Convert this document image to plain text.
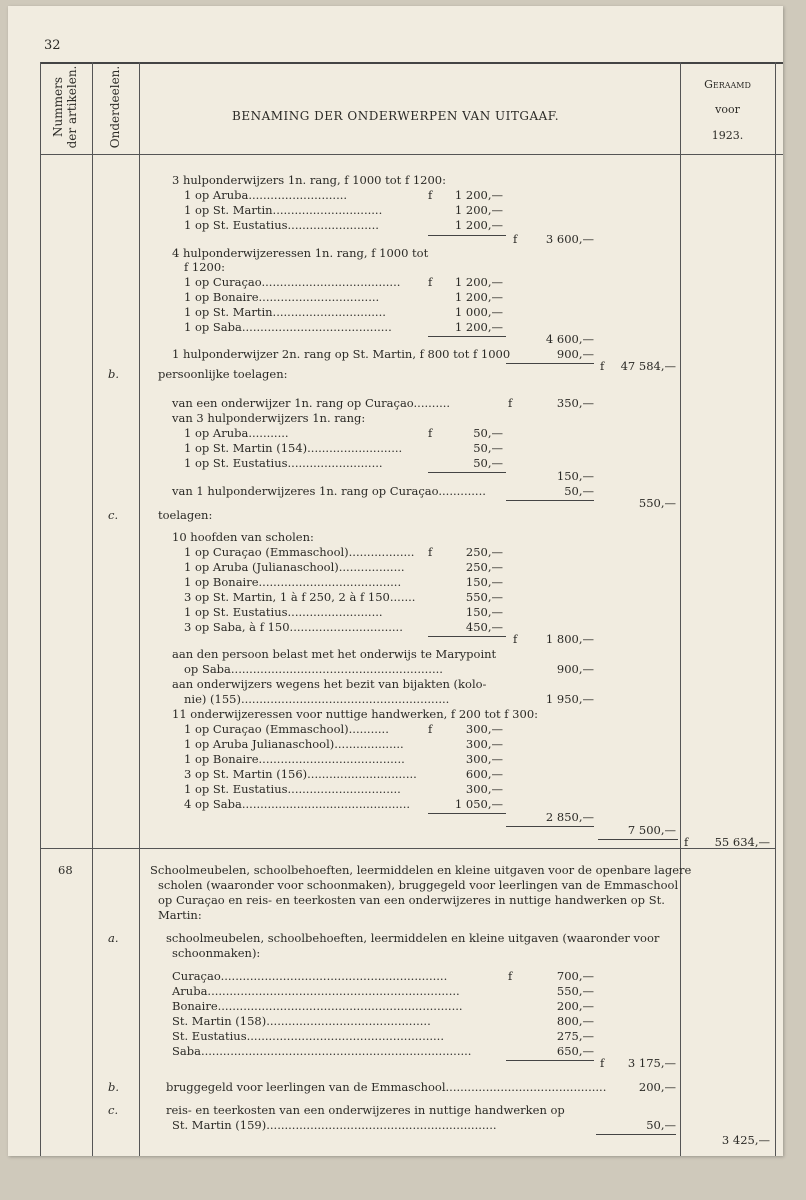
32
Nummers der artikelen. Onderdeelen.	BENAMING DER ONDERWERPEN VAN UITGAAF.
Geraamd
voor
1923.
3 hulponderwijzers 1n. rang, f 1000 tot f 1200:
1 op Aruba...........................	f	1 200,—
1 op St. Martin..............................	1 200,—
1 op St. Eustatius.........................	1 200,—
f	3 600,—
4 hulponderwijzeressen 1n. rang, f 1000 tot
f 1200:
1 op Curaçao...................................... f	1 200,—
1 op Bonaire.................................	1 200,—
1 op St. Martin...............................	1 000,—
1 op Saba.........................................	1 200,—
4 600,—
1 hulponderwijzer 2n. rang op St. Martin, f 800 tot f 1000	900,—
f	47 584,—
b.	persoonlijke toelagen:
van een onderwijzer 1n. rang op Curaçao..........	f	350,—
van 3 hulponderwijzers 1n. rang:
1 op Aruba...........	f	50,—
1 op St. Martin (154)..........................	50,—
1 op St. Eustatius..........................	50,—
150,—
van 1 hulponderwijzeres 1n. rang op Curaçao.............	50,—
550,—
c.	toelagen:
10 hoofden van scholen:
1 op Curaçao (Emmaschool).................. f	250,—
1 op Aruba (Julianaschool)..................	250,—
1 op Bonaire.......................................	150,—
3 op St. Martin, 1 à f 250, 2 à f 150.......	550,—
1 op St. Eustatius..........................	150,—
3 op Saba, à f 150...............................	450,—
f	1 800,—
aan den persoon belast met het onderwijs te Marypoint
op Saba..........................................................	900,—
aan onderwijzers wegens het bezit van bijakten (kolo-
nie) (155).........................................................	1 950,—
11 onderwijzeressen voor nuttige handwerken, f 200 tot f 300:
1 op Curaçao (Emmaschool)...........	f	300,—
1 op Aruba Julianaschool)...................	300,—
1 op Bonaire........................................	300,—
3 op St. Martin (156)..............................	600,—
1 op St. Eustatius...............................	300,—
4 op Saba..............................................	1 050,—
2 850,—
7 500,—
f	55 634,—
68	Schoolmeubelen, schoolbehoeften, leermiddelen en kleine uitgaven voor de openbare lagere
scholen (waaronder voor schoonmaken), bruggegeld voor leerlingen van de Emmaschool
op Curaçao en reis- en teerkosten van een onderwijzeres in nuttige handwerken op St.
Martin:
a.	schoolmeubelen, schoolbehoeften, leermiddelen en kleine uitgaven (waaronder voor
schoonmaken):
Curaçao..............................................................	f	700,—
Aruba.....................................................................	550,—
Bonaire...................................................................	200,—
St. Martin (158).............................................	800,—
St. Eustatius......................................................	275,—
Saba..........................................................................	650,—
f	3 175,—
b.	bruggegeld voor leerlingen van de Emmaschool............................................	200,—
c.	reis- en teerkosten van een onderwijzeres in nuttige handwerken op
St. Martin (159)...............................................................	50,—
3 425,—
